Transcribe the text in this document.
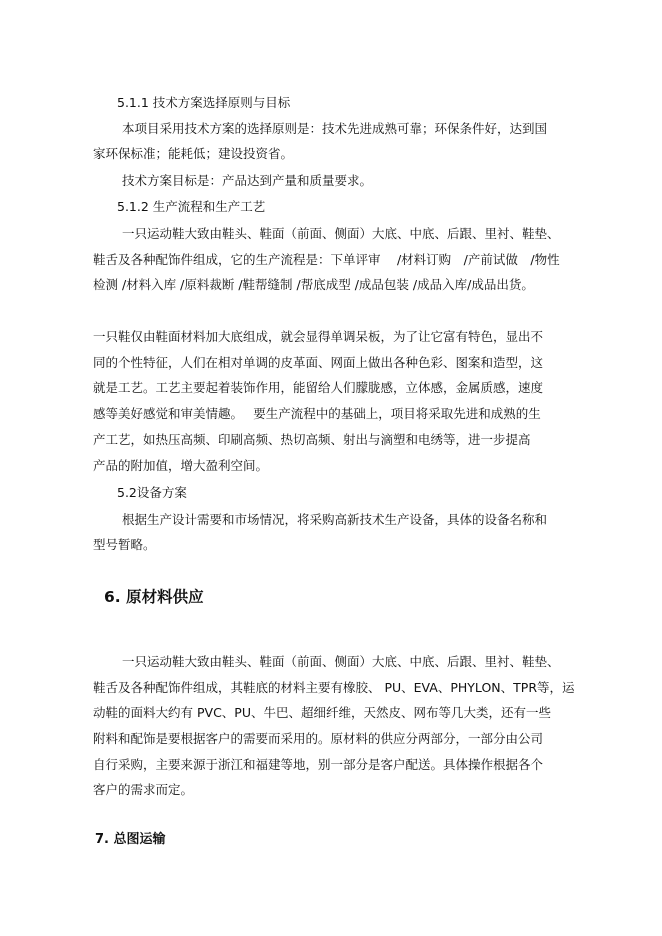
5.1.1 技术方案选择原则与目标
本项目采用技术方案的选择原则是：技术先进成熟可靠；环保条件好，达到国
家环保标准；能耗低；建设投资省。
技术方案目标是：产品达到产量和质量要求。
5.1.2 生产流程和生产工艺
一只运动鞋大致由鞋头、鞋面（前面、侧面）大底、中底、后跟、里衬、鞋垫、
鞋舌及各种配饰件组成，它的生产流程是：下单评审　 /材料订购　/产前试做　/物性
检测 /材料入库 /原料裁断 /鞋帮缝制 /帮底成型 /成品包装 /成品入库/成品出货。
一只鞋仅由鞋面材料加大底组成，就会显得单调呆板，为了让它富有特色，显出不
同的个性特征，人们在相对单调的皮革面、网面上做出各种色彩、图案和造型，这
就是工艺。工艺主要起着装饰作用，能留给人们朦胧感，立体感，金属质感，速度
感等美好感觉和审美情趣。　 要生产流程中的基础上，项目将采取先进和成熟的生
产工艺，如热压高频、印刷高频、热切高频、射出与滴塑和电绣等，进一步提高
产品的附加值，增大盈利空间。
5.2设备方案
根据生产设计需要和市场情况，将采购高新技术生产设备，具体的设备名称和
型号暂略。
6. 原材料供应
一只运动鞋大致由鞋头、鞋面（前面、侧面）大底、中底、后跟、里衬、鞋垫、
鞋舌及各种配饰件组成，其鞋底的材料主要有橡胶、 PU、EVA、PHYLON、TPR等，运
动鞋的面料大约有 PVC、PU、牛巴、超细纤维，天然皮、网布等几大类，还有一些
附料和配饰是要根据客户的需要而采用的。原材料的供应分两部分，一部分由公司
自行采购，主要来源于浙江和福建等地，别一部分是客户配送。具体操作根据各个
客户的需求而定。
7. 总图运输
